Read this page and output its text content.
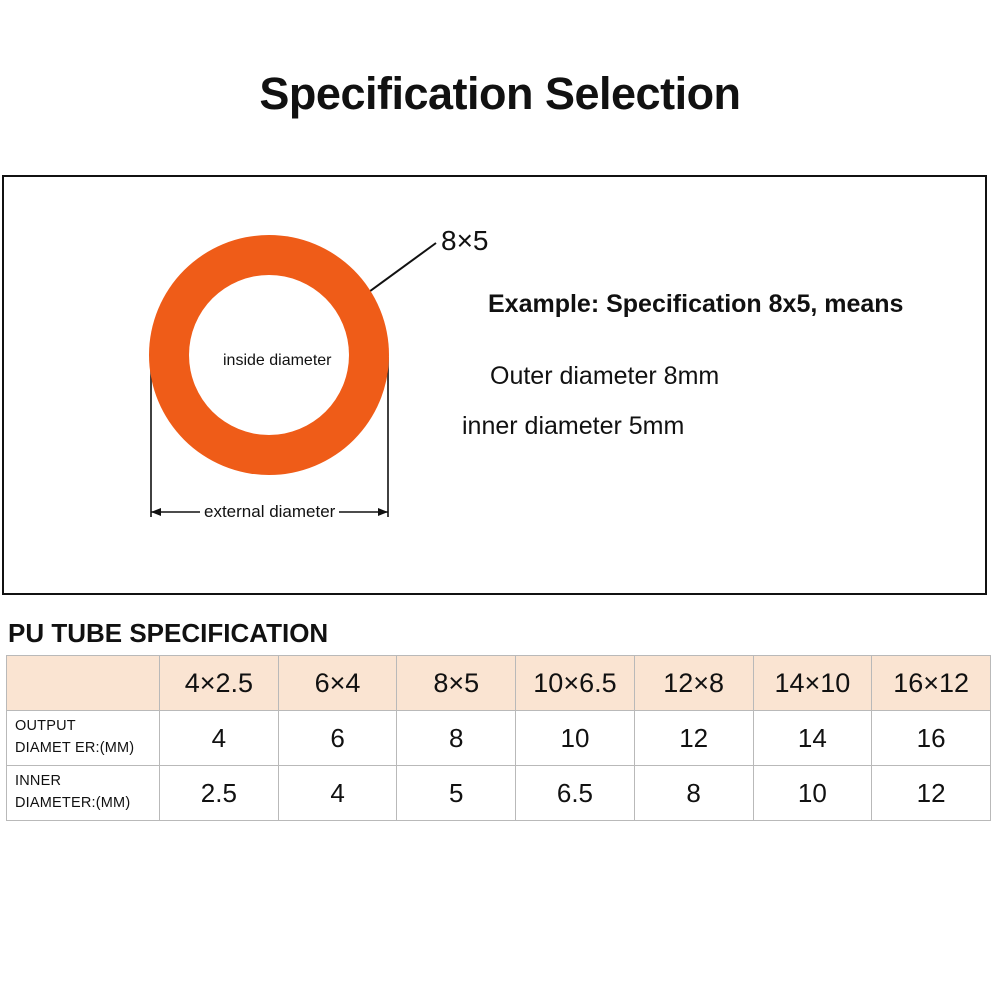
Specification Selection
8×5
inside diameter
external diameter
Example: Specification 8x5, means
Outer diameter 8mm
inner diameter 5mm
PU TUBE SPECIFICATION
	4×2.5	6×4	8×5	10×6.5	12×8	14×10	16×12

OUTPUT
DIAMET ER:(MM)	4	6	8	10	12	14	16

INNER
DIAMETER:(MM)	2.5	4	5	6.5	8	10	12
